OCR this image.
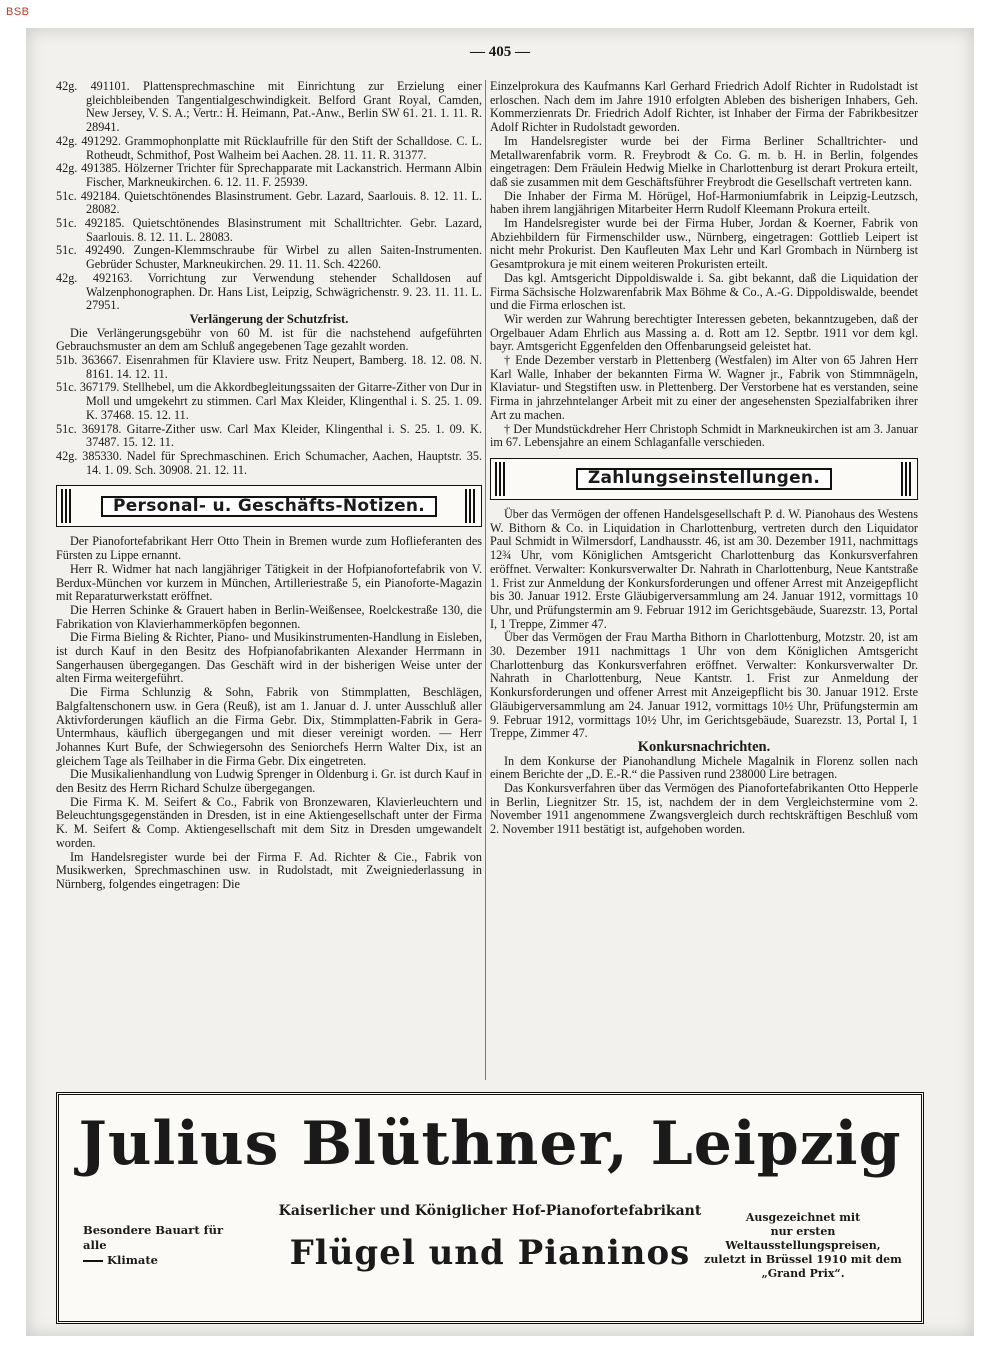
BSB
— 405 —

42g. 491101. Plattensprechmaschine mit Einrichtung zur Erzielung einer gleichbleibenden Tangentialgeschwindigkeit. Belford Grant Royal, Camden, New Jersey, V. S. A.; Vertr.: H. Heimann, Pat.-Anw., Berlin SW 61. 21. 1. 11. R. 28941.

42g. 491292. Grammophonplatte mit Rücklaufrille für den Stift der Schalldose. C. L. Rotheudt, Schmithof, Post Walheim bei Aachen. 28. 11. 11. R. 31377.

42g. 491385. Hölzerner Trichter für Sprechapparate mit Lackanstrich. Hermann Albin Fischer, Markneukirchen. 6. 12. 11. F. 25939.

51c. 492184. Quietschtönendes Blasinstrument. Gebr. Lazard, Saarlouis. 8. 12. 11. L. 28082.

51c. 492185. Quietschtönendes Blasinstrument mit Schalltrichter. Gebr. Lazard, Saarlouis. 8. 12. 11. L. 28083.

51c. 492490. Zungen-Klemmschraube für Wirbel zu allen Saiten-Instrumenten. Gebrüder Schuster, Markneukirchen. 29. 11. 11. Sch. 42260.

42g. 492163. Vorrichtung zur Verwendung stehender Schalldosen auf Walzenphonographen. Dr. Hans List, Leipzig, Schwägrichenstr. 9. 23. 11. 11. L. 27951.

Verlängerung der Schutzfrist.

Die Verlängerungsgebühr von 60 M. ist für die nachstehend aufgeführten Gebrauchsmuster an dem am Schluß angegebenen Tage gezahlt worden.

51b. 363667. Eisenrahmen für Klaviere usw. Fritz Neupert, Bamberg. 18. 12. 08. N. 8161. 14. 12. 11.

51c. 367179. Stellhebel, um die Akkordbegleitungssaiten der Gitarre-Zither von Dur in Moll und umgekehrt zu stimmen. Carl Max Kleider, Klingenthal i. S. 25. 1. 09. K. 37468. 15. 12. 11.

51c. 369178. Gitarre-Zither usw. Carl Max Kleider, Klingenthal i. S. 25. 1. 09. K. 37487. 15. 12. 11.

42g. 385330. Nadel für Sprechmaschinen. Erich Schumacher, Aachen, Hauptstr. 35. 14. 1. 09. Sch. 30908. 21. 12. 11.

Personal- u. Geschäfts-Notizen.

Der Pianofortefabrikant Herr Otto Thein in Bremen wurde zum Hoflieferanten des Fürsten zu Lippe ernannt.

Herr R. Widmer hat nach langjähriger Tätigkeit in der Hofpianofortefabrik von V. Berdux-München vor kurzem in München, Artilleriestraße 5, ein Pianoforte-Magazin mit Reparaturwerkstatt eröffnet.

Die Herren Schinke & Grauert haben in Berlin-Weißensee, Roelckestraße 130, die Fabrikation von Klavierhammerköpfen begonnen.

Die Firma Bieling & Richter, Piano- und Musikinstrumenten-Handlung in Eisleben, ist durch Kauf in den Besitz des Hofpianofabrikanten Alexander Herrmann in Sangerhausen übergegangen. Das Geschäft wird in der bisherigen Weise unter der alten Firma weitergeführt.

Die Firma Schlunzig & Sohn, Fabrik von Stimmplatten, Beschlägen, Balgfaltenschonern usw. in Gera (Reuß), ist am 1. Januar d. J. unter Ausschluß aller Aktivforderungen käuflich an die Firma Gebr. Dix, Stimmplatten-Fabrik in Gera-Untermhaus, käuflich übergegangen und mit dieser vereinigt worden. — Herr Johannes Kurt Bufe, der Schwiegersohn des Seniorchefs Herrn Walter Dix, ist an gleichem Tage als Teilhaber in die Firma Gebr. Dix eingetreten.

Die Musikalienhandlung von Ludwig Sprenger in Oldenburg i. Gr. ist durch Kauf in den Besitz des Herrn Richard Schulze übergegangen.

Die Firma K. M. Seifert & Co., Fabrik von Bronzewaren, Klavierleuchtern und Beleuchtungsgegenständen in Dresden, ist in eine Aktiengesellschaft unter der Firma K. M. Seifert & Comp. Aktiengesellschaft mit dem Sitz in Dresden umgewandelt worden.

Im Handelsregister wurde bei der Firma F. Ad. Richter & Cie., Fabrik von Musikwerken, Sprechmaschinen usw. in Rudolstadt, mit Zweigniederlassung in Nürnberg, folgendes eingetragen: Die

Einzelprokura des Kaufmanns Karl Gerhard Friedrich Adolf Richter in Rudolstadt ist erloschen. Nach dem im Jahre 1910 erfolgten Ableben des bisherigen Inhabers, Geh. Kommerzienrats Dr. Friedrich Adolf Richter, ist Inhaber der Firma der Fabrikbesitzer Adolf Richter in Rudolstadt geworden.

Im Handelsregister wurde bei der Firma Berliner Schalltrichter- und Metallwarenfabrik vorm. R. Freybrodt & Co. G. m. b. H. in Berlin, folgendes eingetragen: Dem Fräulein Hedwig Mielke in Charlottenburg ist derart Prokura erteilt, daß sie zusammen mit dem Geschäftsführer Freybrodt die Gesellschaft vertreten kann.

Die Inhaber der Firma M. Hörügel, Hof-Harmoniumfabrik in Leipzig-Leutzsch, haben ihrem langjährigen Mitarbeiter Herrn Rudolf Kleemann Prokura erteilt.

Im Handelsregister wurde bei der Firma Huber, Jordan & Koerner, Fabrik von Abziehbildern für Firmenschilder usw., Nürnberg, eingetragen: Gottlieb Leipert ist nicht mehr Prokurist. Den Kaufleuten Max Lehr und Karl Grombach in Nürnberg ist Gesamtprokura je mit einem weiteren Prokuristen erteilt.

Das kgl. Amtsgericht Dippoldiswalde i. Sa. gibt bekannt, daß die Liquidation der Firma Sächsische Holzwarenfabrik Max Böhme & Co., A.-G. Dippoldiswalde, beendet und die Firma erloschen ist.

Wir werden zur Wahrung berechtigter Interessen gebeten, bekanntzugeben, daß der Orgelbauer Adam Ehrlich aus Massing a. d. Rott am 12. Septbr. 1911 vor dem kgl. bayr. Amtsgericht Eggenfelden den Offenbarungseid geleistet hat.

† Ende Dezember verstarb in Plettenberg (Westfalen) im Alter von 65 Jahren Herr Karl Walle, Inhaber der bekannten Firma W. Wagner jr., Fabrik von Stimmnägeln, Klaviatur- und Stegstiften usw. in Plettenberg. Der Verstorbene hat es verstanden, seine Firma in jahrzehntelanger Arbeit mit zu einer der angesehensten Spezialfabriken ihrer Art zu machen.

† Der Mundstückdreher Herr Christoph Schmidt in Markneukirchen ist am 3. Januar im 67. Lebensjahre an einem Schlaganfalle verschieden.

Zahlungseinstellungen.

Über das Vermögen der offenen Handelsgesellschaft P. d. W. Pianohaus des Westens W. Bithorn & Co. in Liquidation in Charlottenburg, vertreten durch den Liquidator Paul Schmidt in Wilmersdorf, Landhausstr. 46, ist am 30. Dezember 1911, nachmittags 12¾ Uhr, vom Königlichen Amtsgericht Charlottenburg das Konkursverfahren eröffnet. Verwalter: Konkursverwalter Dr. Nahrath in Charlottenburg, Neue Kantstraße 1. Frist zur Anmeldung der Konkursforderungen und offener Arrest mit Anzeigepflicht bis 30. Januar 1912. Erste Gläubigerversammlung am 24. Januar 1912, vormittags 10 Uhr, und Prüfungstermin am 9. Februar 1912 im Gerichtsgebäude, Suarezstr. 13, Portal I, 1 Treppe, Zimmer 47.

Über das Vermögen der Frau Martha Bithorn in Charlottenburg, Motzstr. 20, ist am 30. Dezember 1911 nachmittags 1 Uhr von dem Königlichen Amtsgericht Charlottenburg das Konkursverfahren eröffnet. Verwalter: Konkursverwalter Dr. Nahrath in Charlottenburg, Neue Kantstr. 1. Frist zur Anmeldung der Konkursforderungen und offener Arrest mit Anzeigepflicht bis 30. Januar 1912. Erste Gläubigerversammlung am 24. Januar 1912, vormittags 10½ Uhr, Prüfungstermin am 9. Februar 1912, vormittags 10½ Uhr, im Gerichtsgebäude, Suarezstr. 13, Portal I, 1 Treppe, Zimmer 47.

Konkursnachrichten.

In dem Konkurse der Pianohandlung Michele Magalnik in Florenz sollen nach einem Berichte der „D. E.-R.“ die Passiven rund 238000 Lire betragen.

Das Konkursverfahren über das Vermögen des Pianofortefabrikanten Otto Hepperle in Berlin, Liegnitzer Str. 15, ist, nachdem der in dem Vergleichstermine vom 2. November 1911 angenommene Zwangsvergleich durch rechtskräftigen Beschluß vom 2. November 1911 bestätigt ist, aufgehoben worden.

Julius Blüthner, Leipzig
Kaiserlicher und Königlicher Hof-Pianofortefabrikant
Flügel und Pianinos
Besondere Bauart für alle
Klimate
Ausgezeichnet mit
nur ersten Weltausstellungspreisen,
zuletzt in Brüssel 1910 mit dem
„Grand Prix“.
